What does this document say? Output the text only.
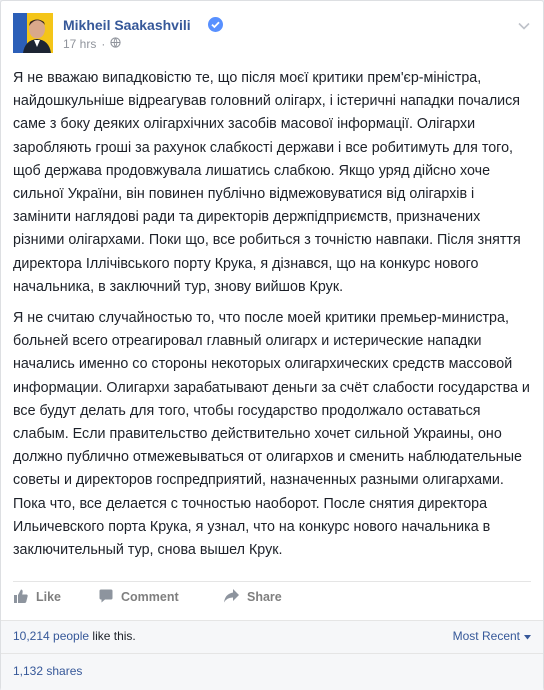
Mikheil Saakashvili
17 hrs ·

Я не вважаю випадковістю те, що після моєї критики прем'єр-міністра, найдошкульніше відреагував головний олігарх, і істеричні нападки почалися саме з боку деяких олігархічних засобів масової інформації. Олігархи заробляють гроші за рахунок слабкості держави і все робитимуть для того, щоб держава продовжувала лишатись слабкою. Якщо уряд дійсно хоче сильної України, він повинен публічно відмежовуватися від олігархів і замінити наглядові ради та директорів держпідприємств, призначених різними олігархами. Поки що, все робиться з точністю навпаки. Після зняття директора Іллічівського порту Крука, я дізнався, що на конкурс нового начальника, в заключний тур, знову вийшов Крук.

Я не считаю случайностью то, что после моей критики премьер-министра, больней всего отреагировал главный олигарх и истерические нападки начались именно со стороны некоторых олигархических средств массовой информации. Олигархи зарабатывают деньги за счёт слабости государства и все будут делать для того, чтобы государство продолжало оставаться слабым. Если правительство действительно хочет сильной Украины, оно должно публично отмежевываться от олигархов и сменить наблюдательные советы и директоров госпредприятий, назначенных разными олигархами. Пока что, все делается с точностью наоборот. После снятия директора Ильичевского порта Крука, я узнал, что на конкурс нового начальника в заключительный тур, снова вышел Крук.

Like	Comment	Share
10,214 people like this.	Most Recent
1,132 shares
